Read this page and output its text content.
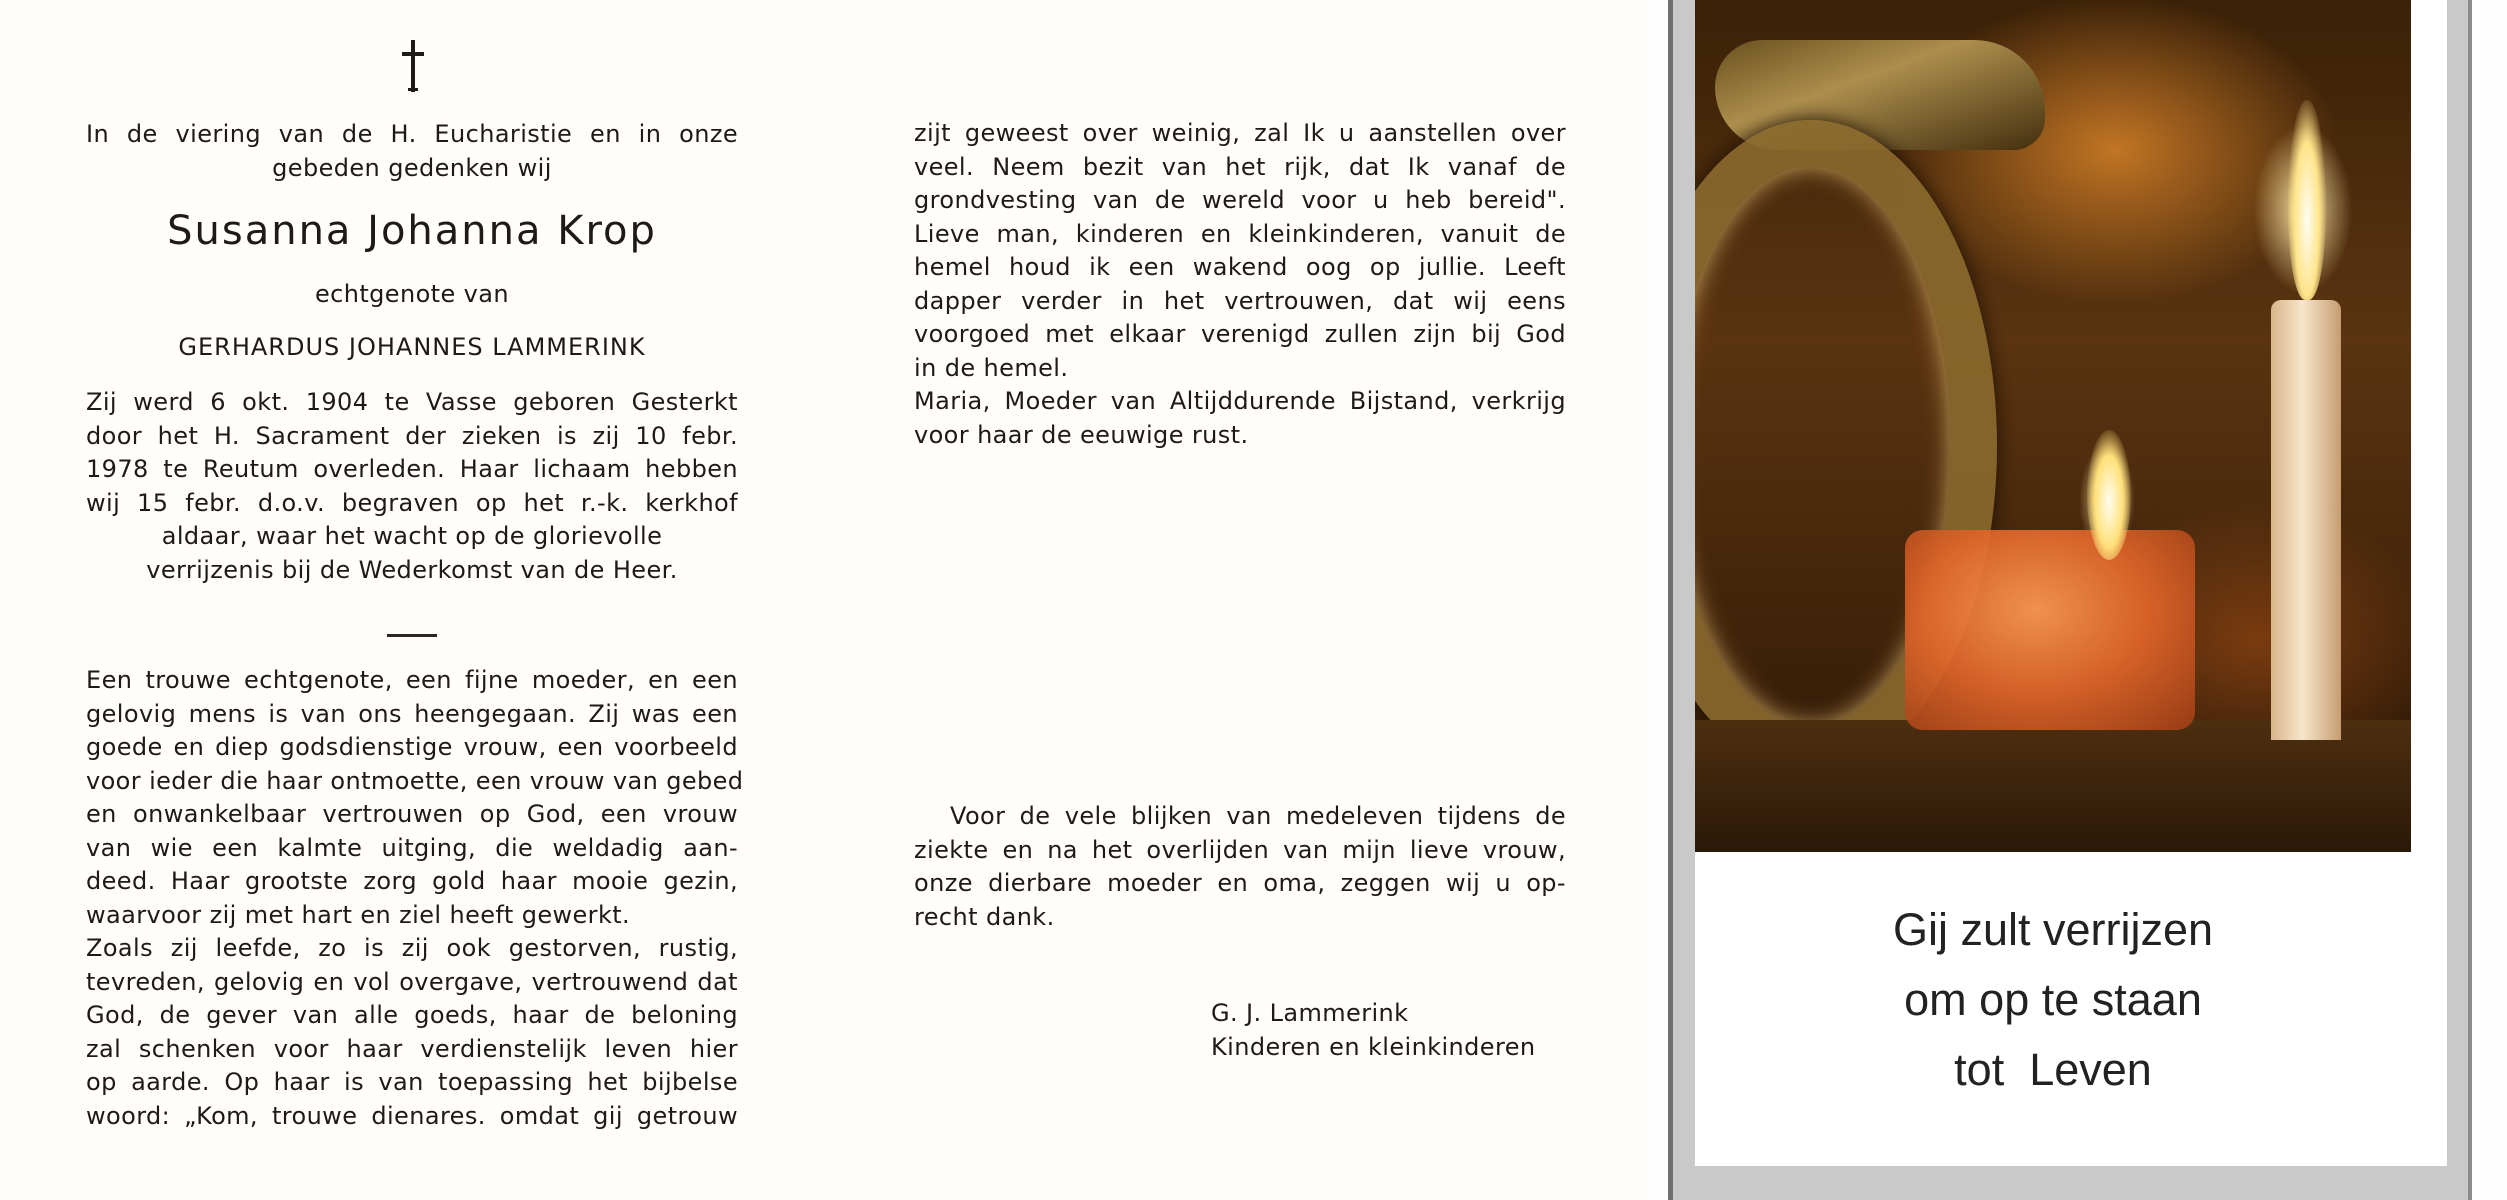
In de viering van de H. Eucharistie en in onze
gebeden gedenken wij
Susanna Johanna Krop
echtgenote van
GERHARDUS JOHANNES LAMMERINK
Zij werd 6 okt. 1904 te Vasse geboren Gesterkt
door het H. Sacrament der zieken is zij 10 febr.
1978 te Reutum overleden. Haar lichaam hebben
wij 15 febr. d.o.v. begraven op het r.-k. kerkhof
aldaar, waar het wacht op de glorievolle
verrijzenis bij de Wederkomst van de Heer.
Een trouwe echtgenote, een fijne moeder, en een
gelovig mens is van ons heengegaan. Zij was een
goede en diep godsdienstige vrouw, een voorbeeld
voor ieder die haar ontmoette, een vrouw van gebed
en onwankelbaar vertrouwen op God, een vrouw
van wie een kalmte uitging, die weldadig aan-
deed. Haar grootste zorg gold haar mooie gezin,
waarvoor zij met hart en ziel heeft gewerkt.
Zoals zij leefde, zo is zij ook gestorven, rustig,
tevreden, gelovig en vol overgave, vertrouwend dat
God, de gever van alle goeds, haar de beloning
zal schenken voor haar verdienstelijk leven hier
op aarde. Op haar is van toepassing het bijbelse
woord: „Kom, trouwe dienares. omdat gij getrouw
zijt geweest over weinig, zal Ik u aanstellen over
veel. Neem bezit van het rijk, dat Ik vanaf de
grondvesting van de wereld voor u heb bereid".
Lieve man, kinderen en kleinkinderen, vanuit de
hemel houd ik een wakend oog op jullie. Leeft
dapper verder in het vertrouwen, dat wij eens
voorgoed met elkaar verenigd zullen zijn bij God
in de hemel.
Maria, Moeder van Altijddurende Bijstand, verkrijg
voor haar de eeuwige rust.
Voor de vele blijken van medeleven tijdens de
ziekte en na het overlijden van mijn lieve vrouw,
onze dierbare moeder en oma, zeggen wij u op-
recht dank.
G. J. Lammerink
Kinderen en kleinkinderen
Gij zult verrijzen
om op te staan
tot  Leven
